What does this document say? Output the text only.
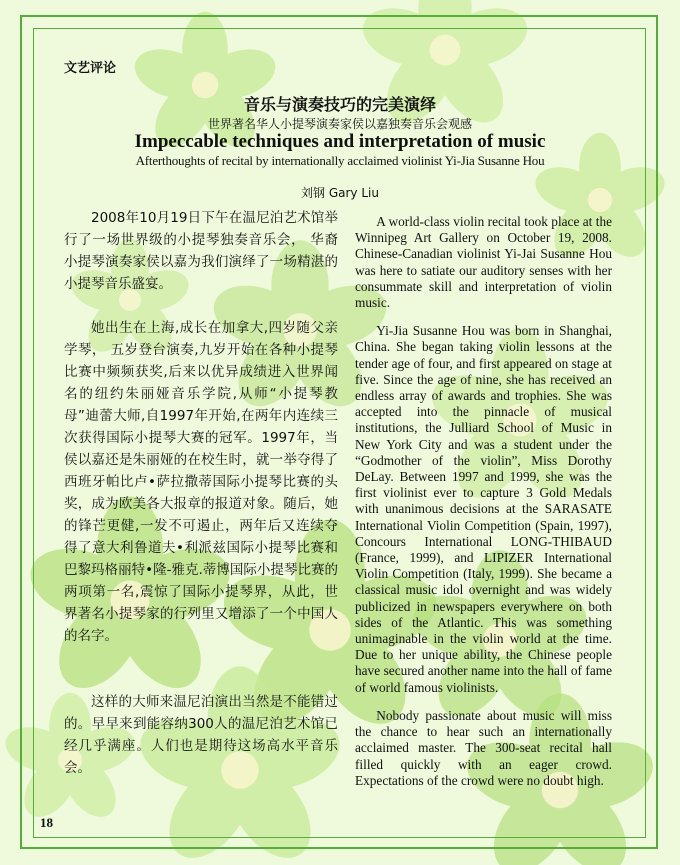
文艺评论
音乐与演奏技巧的完美演绎
世界著名华人小提琴演奏家侯以嘉独奏音乐会观感
Impeccable techniques and interpretation of music
Afterthoughts of recital by internationally acclaimed violinist Yi-Jia Susanne Hou
刘钢 Gary Liu

2008年10月19日下午在温尼泊艺术馆举行了一场世界级的小提琴独奏音乐会， 华裔小提琴演奏家侯以嘉为我们演绎了一场精湛的小提琴音乐盛宴。

她出生在上海,成长在加拿大,四岁随父亲学琴， 五岁登台演奏,九岁开始在各种小提琴比赛中频频获奖,后来以优异成绩进入世界闻名的纽约朱丽娅音乐学院,从师“小提琴教母”迪蕾大师,自1997年开始,在两年内连续三次获得国际小提琴大赛的冠军。1997年，当侯以嘉还是朱丽娅的在校生时，就一举夺得了西班牙帕比卢•萨拉撒蒂国际小提琴比赛的头奖，成为欧美各大报章的报道对象。随后，她的锋芒更健,一发不可遏止，两年后又连续夺得了意大利鲁道夫•利派兹国际小提琴比赛和巴黎玛格丽特•隆-雅克.蒂博国际小提琴比赛的两项第一名,震惊了国际小提琴界，从此，世界著名小提琴家的行列里又增添了一个中国人的名字。

这样的大师来温尼泊演出当然是不能错过的。早早来到能容纳300人的温尼泊艺术馆已经几乎满座。人们也是期待这场高水平音乐会。

A world-class violin recital took place at the Winnipeg Art Gallery on October 19, 2008. Chinese-Canadian violinist Yi-Jai Susanne Hou was here to satiate our auditory senses with her consummate skill and interpretation of violin music.

Yi-Jia Susanne Hou was born in Shanghai, China. She began taking violin lessons at the tender age of four, and first appeared on stage at five. Since the age of nine, she has received an endless array of awards and trophies. She was accepted into the pinnacle of musical institutions, the Julliard School of Music in New York City and was a student under the “Godmother of the violin”, Miss Dorothy DeLay. Between 1997 and 1999, she was the first violinist ever to capture 3 Gold Medals with unanimous decisions at the SARASATE International Violin Competition (Spain, 1997), Concours International LONG-THIBAUD (France, 1999), and LIPIZER International Violin Competition (Italy, 1999). She became a classical music idol overnight and was widely publicized in newspapers everywhere on both sides of the Atlantic. This was something unimaginable in the violin world at the time. Due to her unique ability, the Chinese people have secured another name into the hall of fame of world famous violinists.

Nobody passionate about music will miss the chance to hear such an internationally acclaimed master. The 300-seat recital hall filled quickly with an eager crowd. Expectations of the crowd were no doubt high.

18
